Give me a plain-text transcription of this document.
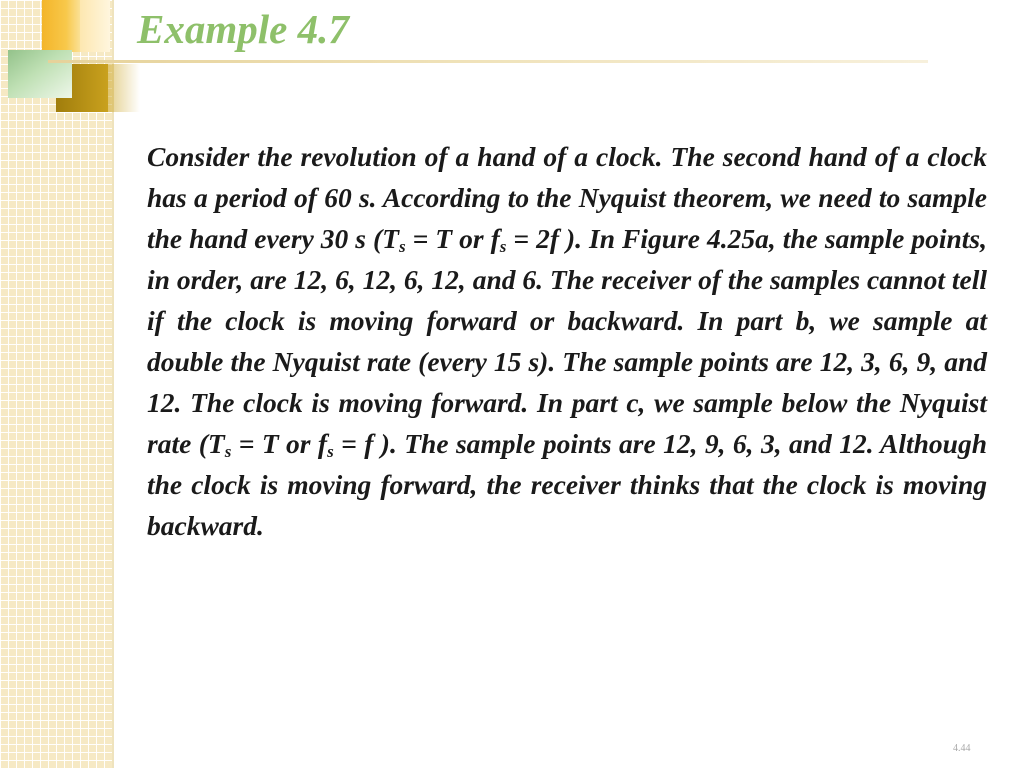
Example 4.7

Consider the revolution of a hand of a clock. The second hand of a clock has a period of 60 s. According to the Nyquist theorem, we need to sample the hand every 30 s ($T_s = T$ or $f_s = 2f$ ). In Figure 4.25a, the sample points, in order, are 12, 6, 12, 6, 12, and 6. The receiver of the samples cannot tell if the clock is moving forward or backward. In part b, we sample at double the Nyquist rate (every 15 s). The sample points are 12, 3, 6, 9, and 12. The clock is moving forward. In part c, we sample below the Nyquist rate ($T_s = T$ or $f_s = f$ ). The sample points are 12, 9, 6, 3, and 12. Although the clock is moving forward, the receiver thinks that the clock is moving backward.

4.44
